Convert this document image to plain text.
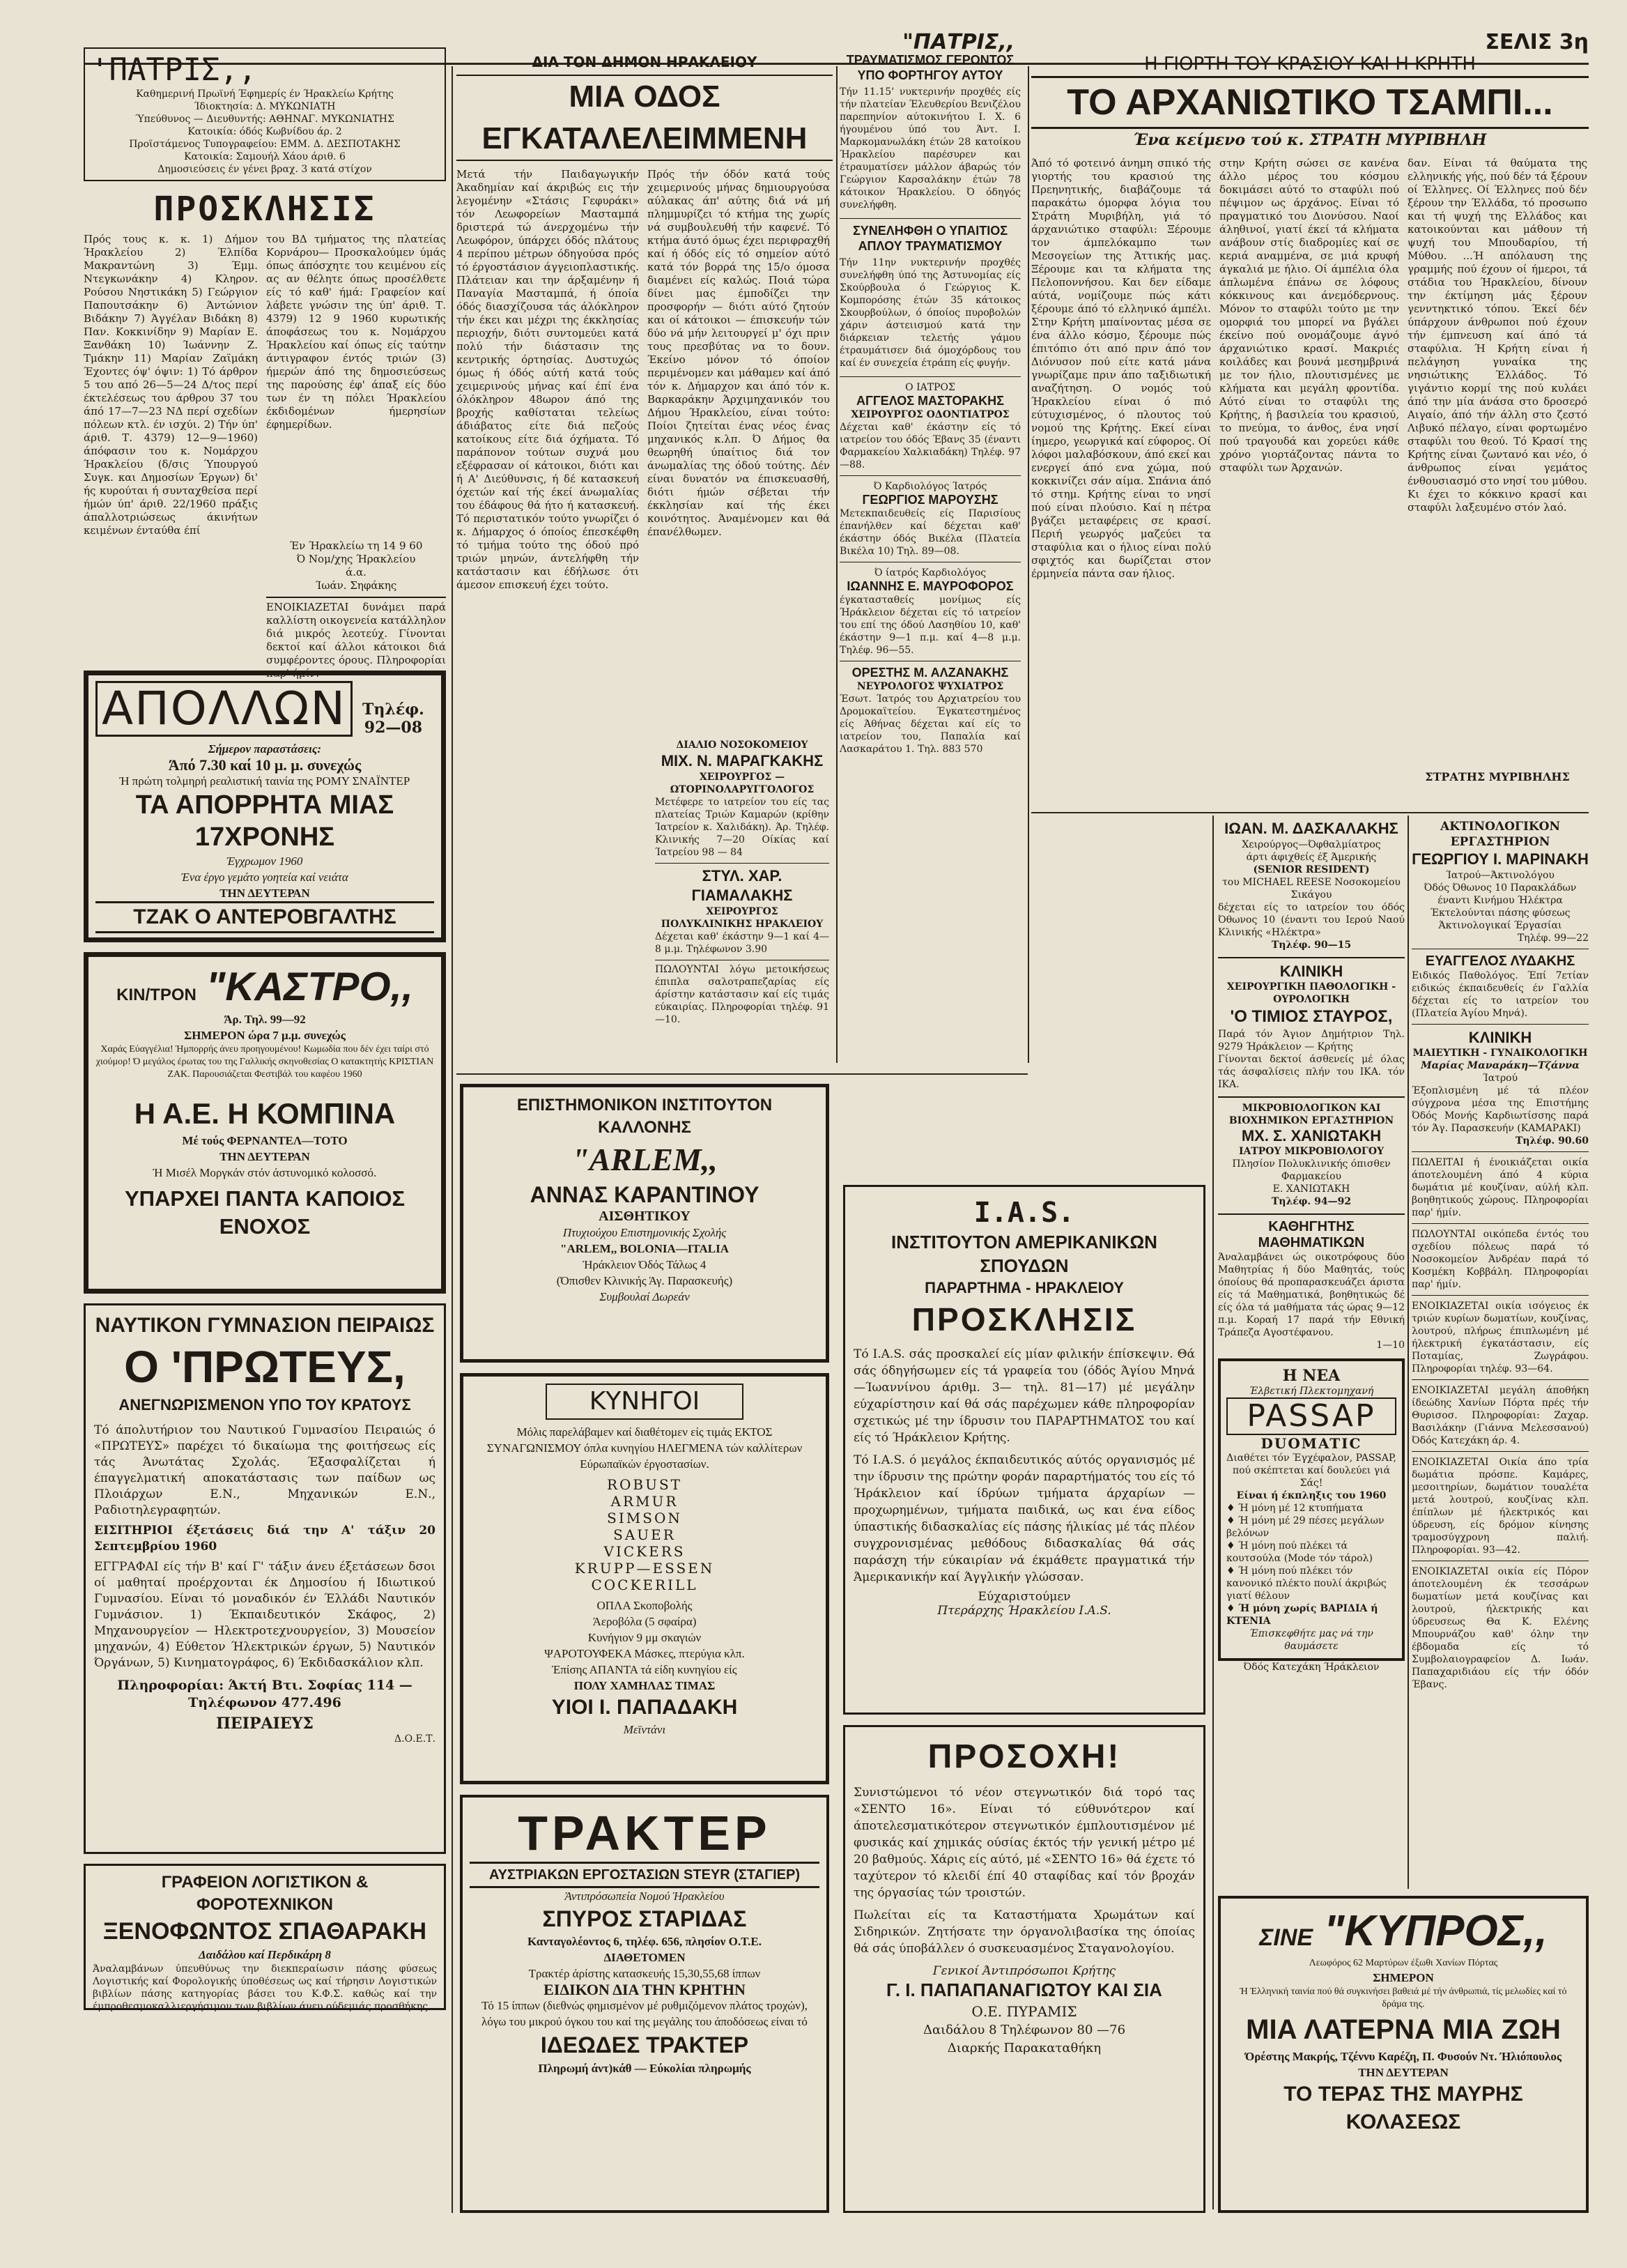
"ΠΑΤΡΙΣ,,	ΣΕΛΙΣ 3η
'ΠΑΤΡΙΣ,,
Καθημερινή Πρωϊνή Έφημερίς έν Ήρακλείω Κρήτης
Ίδιοκτησία: Δ. ΜΥΚΩΝΙΑΤΗ
Ύπεύθυνος — Διευθυντής: ΑΘΗΝΑΓ. ΜΥΚΩΝΙΑΤΗΣ
Κατοικία: όδός Κωβνίδου άρ. 2
Προϊστάμενος Τυπογραφείου: ΕΜΜ. Δ. ΔΕΣΠΟΤΑΚΗΣ
Κατοικία: Σαμουήλ Χάου άριθ. 6
Δημοσιεύσεις έν γένει βραχ. 3 κατά στίχον
ΠΡΟΣΚΛΗΣΙΣ

Πρός τους κ. κ. 1) Δήμον Ήρακλείου 2) Έλπίδα Μακραντώνη 3) Έμμ. Ντεγκωνάκην 4) Κληρον. Ρούσου Νηστικάκη 5) Γεώργιον Παπουτσάκην 6) Άντώνιον Βιδάκην 7) Άγγέλαν Βιδάκη 8) Παν. Κοκκινίδην 9) Μαρίαν Ε. Ξανθάκη 10) Ίωάννην Ζ. Τμάκην 11) Μαρίαν Ζαϊμάκη Έχοντες όψ' όψιν: 1) Τό άρθρον 5 του από 26—5—24 Δ/τος περί έκτελέσεως του άρθρου 37 του άπό 17—7—23 ΝΔ περί σχεδίων πόλεων κτλ. έν ισχύι. 2) Τήν ύπ' άριθ. Τ. 4379) 12—9—1960) άπόφασιν του κ. Νομάρχου Ήρακλείου (δ/σις Ύπουργού Συγκ. και Δημοσίων Έργων) δι' ής κυρούται ή συνταχθείσα περί ήμών ύπ' άριθ. 22/1960 πράξις άπαλλοτριώσεως άκινήτων κειμένων ένταύθα έπί

του ΒΔ τμήματος της πλατείας Κορνάρου— Προσκαλούμεν ύμάς όπως άπόσχητε του κειμένου είς ας αν θέλητε όπως προσέλθετε είς τό καθ' ήμά: Γραφείον καί λάβετε γνώσιν της ύπ' άριθ. Τ. 4379) 12 9 1960 κυρωτικής άποφάσεως του κ. Νομάρχου Ήρακλείου καί όπως είς ταύτην άντιγραφον έντός τριών (3) ήμερών άπό της δημοσιεύσεως της παρούσης έφ' άπαξ είς δύο των έν τη πόλει Ήρακλείου έκδιδομένων ήμερησίων έφημερίδων.

Έν Ήρακλείω τη 14 9 60
Ό Νομ/χης Ήρακλείου
ά.α.
Ίωάν. Σηφάκης

ΕΝΟΙΚΙΑΖΕΤΑΙ δυνάμει παρά καλλίστη οικογενεία κατάλληλον διά μικρός λεοτεύχ. Γίνονται δεκτοί καί άλλοι κάτοικοι διά συμφέροντες όρους. Πληροφορίαι παρ' ήμίν.

ΑΠΟΛΛΩΝ	Τηλέφ. 92—08
Σήμερον παραστάσεις:
Άπό 7.30 καί 10 μ. μ. συνεχώς
Ή πρώτη τολμηρή ρεαλιστική ταινία της ΡΟΜΥ ΣΝΑΪΝΤΕΡ
ΤΑ ΑΠΟΡΡΗΤΑ ΜΙΑΣ 17ΧΡΟΝΗΣ
Έγχρωμον 1960
Ένα έργο γεμάτο γοητεία καί νειάτα
ΤΗΝ ΔΕΥΤΕΡΑΝ
ΤΖΑΚ Ο ΑΝΤΕΡΟΒΓΑΛΤΗΣ
ΚΙΝ/ΤΡΟΝ "ΚΑΣΤΡΟ,,
Άρ. Τηλ. 99—92
ΣΗΜΕΡΟΝ ώρα 7 μ.μ. συνεχώς

Χαράς Εύαγγέλια! Ήμπορρής άνευ προηγουμένου! Κωμωδία που δέν έχει ταίρι στό χιούμορ! Ό μεγάλος έρωτας του της Γαλλικής σκηνοθεσίας Ο κατακτητής ΚΡΙΣΤΙΑΝ ΖΑΚ. Παρουσιάζεται Φεστιβάλ του καφέου 1960

Η Α.Ε. Η ΚΟΜΠΙΝΑ
Μέ τούς ΦΕΡΝΑΝΤΕΛ—ΤΟΤΟ
ΤΗΝ ΔΕΥΤΕΡΑΝ
Ή Μισέλ Μοργκάν στόν άστυνομικό κολοσσό.
ΥΠΑΡΧΕΙ ΠΑΝΤΑ ΚΑΠΟΙΟΣ ΕΝΟΧΟΣ
ΝΑΥΤΙΚΟΝ ΓΥΜΝΑΣΙΟΝ ΠΕΙΡΑΙΩΣ
Ο 'ΠΡΩΤΕΥΣ,
ΑΝΕΓΝΩΡΙΣΜΕΝΟΝ ΥΠΟ ΤΟΥ ΚΡΑΤΟΥΣ

Τό άπολυτήριον του Ναυτικού Γυμνασίου Πειραιώς ό «ΠΡΩΤΕΥΣ» παρέχει τό δικαίωμα της φοιτήσεως είς τάς Άνωτάτας Σχολάς. Έξασφαλίζεται ή έπαγγελματική αποκατάστασις των παίδων ως Πλοιάρχων Ε.Ν., Μηχανικών Ε.Ν., Ραδιοτηλεγραφητών.

ΕΙΣΙΤΗΡΙΟΙ έξετάσεις διά την Α' τάξιν 20 Σεπτεμβρίου 1960

ΕΓΓΡΑΦΑΙ είς τήν Β' καί Γ' τάξιν άνευ έξετάσεων δσοι οί μαθηταί προέρχονται έκ Δημοσίου ή Ιδιωτικού Γυμνασίου. Είναι τό μοναδικόν έν Έλλάδι Ναυτικόν Γυμνάσιον. 1) Έκπαιδευτικόν Σκάφος, 2) Μηχανουργείον — Ηλεκτροτεχνουργείον, 3) Μουσείον μηχανών, 4) Εύθετον Ήλεκτρικών έργων, 5) Ναυτικόν Όργάνων, 5) Κινηματογράφος, 6) Έκδιδασκάλιον κλπ.

Πληροφορίαι: Άκτή Βτι. Σοφίας 114 — Τηλέφωνον 477.496

ΠΕΙΡΑΙΕΥΣ
Δ.Ο.Ε.Τ.
ΓΡΑΦΕΙΟΝ ΛΟΓΙΣΤΙΚΟΝ & ΦΟΡΟΤΕΧΝΙΚΟΝ
ΞΕΝΟΦΩΝΤΟΣ ΣΠΑΘΑΡΑΚΗ
Δαιδάλου καί Περδικάρη 8

Άναλαμβάνων ύπευθύνως την διεκπεραίωσιν πάσης φύσεως Λογιστικής καί Φορολογικής ύποθέσεως ως καί τήρησιν Λογιστικών βιβλίων πάσης κατηγορίας βάσει του Κ.Φ.Σ. καθώς καί την έμπροθεσμοκαλλιεργήσιμον των βιβλίων άνευ ούδεμιάς προσθήκης.

ΔΙΑ ΤΟΝ ΔΗΜΟΝ ΗΡΑΚΛΕΙΟΥ
ΜΙΑ ΟΔΟΣ ΕΓΚΑΤΑΛΕΛΕΙΜΜΕΝΗ

Μετά τήν Παιδαγωγικήν Άκαδημίαν καί άκριβώς εις τήν λεγομένην «Στάσις Γεφυράκι» τόν Λεωφορείων Μασταμπά δριστερά τώ άνερχομένω τήν Λεωφόρον, ύπάρχει όδός πλάτους 4 περίπου μέτρων όδηγούσα πρός τό έργοστάσιον άγγειοπλαστικής. Πλάτειαν και την άρξαμένην ή Παναγία Μασταμπά, ή όποία όδός διασχίζουσα τάς άλόκληρον τήν έκει και μέχρι της έκκλησίας περιοχήν, διότι συντομεύει κατά πολύ τήν διάστασιν της κεντρικής όρτησίας. Δυστυχώς όμως ή όδός αύτή κατά τούς χειμερινούς μήνας καί έπί ένα όλόκληρον 48ωρον άπό της βροχής καθίσταται τελείως άδιάβατος είτε διά πεζούς κατοίκους είτε διά όχήματα. Τό παράπονον τούτων συχνά μου εξέφρασαν οί κάτοικοι, διότι και ή Α' Διεύθυνσις, ή δέ κατασκευή όχετών καί τής έκεί άνωμαλίας του έδάφους θά ήτο ή κατασκευή. Τό περιστατικόν τούτο γνωρίζει ό κ. Δήμαρχος ό όποίος έπεσκέφθη τό τμήμα τούτο της όδού πρό τριών μηνών, άντελήφθη τήν κατάστασιν και έδήλωσε ότι άμεσον επισκευή έχει τούτο.

Πρός τήν όδόν κατά τούς χειμερινούς μήνας δημιουργούσα αύλακας άπ' αύτης διά νά μή πλημμυρίζει τό κτήμα της χωρίς νά συμβουλευθή τήν καφενέ. Τό κτήμα άυτό όμως έχει περιφραχθή καί ή όδός είς τό σημείον αύτό κατά τόν βορρά της 15/ο όμοσα διαμένει είς καλώς. Ποιά τώρα δίνει μας έμποδίζει την προσφορήν — διότι αύτό ζητούν και οί κάτοικοι — έπισκευήν τών δύο νά μήν λειτουργεί μ' όχι πριν τους πρεσβύτας να το δουν. Έκείνο μόνον τό όποίον περιμένομεν και μάθαμεν καί άπό τόν κ. Δήμαρχον και άπό τόν κ. Βαρκαράκην Άρχιμηχανικόν του Δήμου Ήρακλείου, είναι τούτο: Ποίοι ζητείται ένας νέος ένας μηχανικός κ.λπ. Ό Δήμος θα θεωρηθή ύπαίτιος διά τον άνωμαλίας της όδού τούτης. Δέν είναι δυνατόν να έπισκευασθή, διότι ήμών σέβεται τήν έκκλησίαν καί τής έκει κοινότητος. Άναμένομεν και θά έπανέλθωμεν.

ΤΡΑΥΜΑΤΙΣΜΟΣ ΓΕΡΟΝΤΟΣ ΥΠΟ ΦΟΡΤΗΓΟΥ ΑΥΤΟΥ

Τήν 11.15' νυκτερινήν προχθές είς τήν πλατείαν Έλευθερίου Βενιζέλου παρεπηνίον αύτοκινήτου Ι. Χ. 6 ήγουμένου ύπό του Άντ. Ι. Μαρκομανωλάκη έτών 28 κατοίκου Ήρακλείου παρέσυρεν και έτραυματίσεν μάλλον άβαρώς τόν Γεώργιον Καρσαλάκην έτών 78 κάτοικον Ήρακλείου. Ό όδηγός συνελήφθη.

ΣΥΝΕΛΗΦΘΗ Ο ΥΠΑΙΤΙΟΣ ΑΠΛΟΥ ΤΡΑΥΜΑΤΙΣΜΟΥ

Τήν 11ην νυκτερινήν προχθές συνελήφθη ύπό της Άστυνομίας είς Σκούρβουλα ό Γεώργιος Κ. Κομπορόσης έτών 35 κάτοικος Σκουρβούλων, ό όποίος πυροβολών χάριν άστειισμού κατά την διάρκειαν τελετής γάμου έτραυμάτισεν διά όμοχόρδους του καί έν συνεχεία έτράπη είς φυγήν.

Ο ΙΑΤΡΟΣ
ΑΓΓΕΛΟΣ ΜΑΣΤΟΡΑΚΗΣ
ΧΕΙΡΟΥΡΓΟΣ ΟΔΟΝΤΙΑΤΡΟΣ

Δέχεται καθ' έκάστην είς τό ιατρείον του όδός Έβανς 35 (έναντι Φαρμακείου Χαλκιαδάκη) Τηλέφ. 97—88.

Ό Καρδιολόγος Ίατρός
ΓΕΩΡΓΙΟΣ ΜΑΡΟΥΣΗΣ

Μετεκπαιδευθείς είς Παρισίους έπανήλθεν καί δέχεται καθ' έκάστην όδός Βικέλα (Πλατεία Βικέλα 10) Τηλ. 89—08.

Ό ίατρός Καρδιολόγος
ΙΩΑΝΝΗΣ Ε. ΜΑΥΡΟΦΟΡΟΣ

έγκατασταθείς μονίμως είς Ήράκλειον δέχεται είς τό ιατρείον του επί της όδού Λασηθίου 10, καθ' έκάστην 9—1 π.μ. καί 4—8 μ.μ. Τηλέφ. 96—55.

ΟΡΕΣΤΗΣ Μ. ΑΛΖΑΝΑΚΗΣ
ΝΕΥΡΟΛΟΓΟΣ ΨΥΧΙΑΤΡΟΣ

Έσωτ. Ίατρός του Αρχιατρείου του Δρομοκαϊτείου. Έγκατεστημένος είς Άθήνας δέχεται καί είς το ιατρείον του, Παπαλία καί Λασκαράτου 1. Τηλ. 883 570

ΔΙΑΛΙΟ ΝΟΣΟΚΟΜΕΙΟΥ
ΜΙΧ. Ν. ΜΑΡΑΓΚΑΚΗΣ
ΧΕΙΡΟΥΡΓΟΣ — ΩΤΟΡΙΝΟΛΑΡΥΓΓΟΛΟΓΟΣ

Μετέφερε το ιατρείον του είς τας πλατείας Τριών Καμαρών (κρίθην Ίατρείον κ. Χαλιδάκη). Άρ. Τηλέφ. Κλινικής 7—20 Οίκίας καί Ίατρείου 98 — 84

ΣΤΥΛ. ΧΑΡ. ΓΙΑΜΑΛΑΚΗΣ
ΧΕΙΡΟΥΡΓΟΣ
ΠΟΛΥΚΛΙΝΙΚΗΣ ΗΡΑΚΛΕΙΟΥ

Δέχεται καθ' έκάστην 9—1 καί 4—8 μ.μ. Τηλέφωνον 3.90

ΠΩΛΟΥΝΤΑΙ λόγω μετοικήσεως έπιπλα σαλοτραπεζαρίας είς άρίστην κατάστασιν καί είς τιμάς εύκαιρίας. Πληροφορίαι τηλέφ. 91—10.

ΕΠΙΣΤΗΜΟΝΙΚΟΝ ΙΝΣΤΙΤΟΥΤΟΝ ΚΑΛΛΟΝΗΣ
"ARLEM,,
ΑΝΝΑΣ ΚΑΡΑΝΤΙΝΟΥ
ΑΙΣΘΗΤΙΚΟΥ
Πτυχιούχου Επιστημονικής Σχολής
"ARLEM,, BOLONIA—ITALIA
Ήράκλειον Όδός Τάλως 4
(Όπισθεν Κλινικής Άγ. Παρασκευής)
Συμβουλαί Δωρεάν
ΚΥΝΗΓΟΙ

Μόλις παρελάβαμεν καί διαθέτομεν είς τιμάς ΕΚΤΟΣ ΣΥΝΑΓΩΝΙΣΜΟΥ όπλα κυνηγίου ΗΛΕΓΜΕΝΑ τών καλλίτερων Εύρωπαϊκών έργοστασίων.

ROBUST
ARMUR
SIMSON
SAUER
VICKERS
KRUPP—ESSEN
COCKERILL
ΟΠΛΑ Σκοποβολής
Άεροβόλα (5 σφαίρα)
Κυνήγιον 9 μμ σκαγιών
ΨΑΡΟΤΟΥΦΕΚΑ Μάσκες, πτερύγια κλπ.
Έπίσης ΑΠΑΝΤΑ τά είδη κυνηγίου είς
ΠΟΛΥ ΧΑΜΗΛΑΣ ΤΙΜΑΣ
ΥΙΟΙ Ι. ΠΑΠΑΔΑΚΗ
Μεϊντάνι
ΤΡΑΚΤΕΡ
ΑΥΣΤΡΙΑΚΩΝ ΕΡΓΟΣΤΑΣΙΩΝ STEYR (ΣΤΑΓΙΕΡ)
Άντιπρόσωπεία Νομού Ήρακλείου
ΣΠΥΡΟΣ ΣΤΑΡΙΔΑΣ
Κανταγολέοντος 6, τηλέφ. 656, πλησίον Ο.Τ.Ε.
ΔΙΑΘΕΤΟΜΕΝ
Τρακτέρ άρίστης κατασκευής 15,30,55,68 ίππων
ΕΙΔΙΚΟΝ ΔΙΑ ΤΗΝ ΚΡΗΤΗΝ

Τό 15 ίππων (διεθνώς φημισμένον μέ ρυθμιζόμενον πλάτος τροχών), λόγω του μικρού όγκου του καί της μεγάλης του άποδόσεως είναι τό

ΙΔΕΩΔΕΣ ΤΡΑΚΤΕΡ
Πληρωμή άντ)κάθ — Εύκολίαι πληρωμής
Η ΓΙΟΡΤΗ ΤΟΥ ΚΡΑΣΙΟΥ ΚΑΙ Η ΚΡΗΤΗ
ΤΟ ΑΡΧΑΝΙΩΤΙΚΟ ΤΣΑΜΠΙ...
Ένα κείμενο τού κ. ΣΤΡΑΤΗ ΜΥΡΙΒΗΛΗ

Άπό τό φοτεινό άνημη σπικό τής γιορτής του κρασιού της Πρεηνητικής, διαβάζουμε τά παρακάτω όμορφα λόγια του Στράτη Μυριβήλη, γιά τό άρχανιώτικο σταφύλι: Ξέρουμε τον άμπελόκαμπο των Μεσογείων της Άττικής μας. Ξέρουμε και τα κλήματα της Πελοποννήσου. Και δεν είδαμε αύτά, νομίζουμε πώς κάτι ξέρουμε άπό τό ελληνικό άμπέλι. Στην Κρήτη μπαίνοντας μέσα σε ένα άλλο κόσμο, ξέρουμε πώς έπιτόπιο ότι από πριν άπό τον Διόνυσον πού είτε κατά μάνα γνωρίζαμε πριν άπο ταξιδιωτική αναζήτηση. Ο νομός τού Ήρακλείου είναι ό πιό εύτυχισμένος, ό πλουτος τού νομού της Κρήτης. Εκεί είναι ίημερο, γεωργικά καί εύφορος. Οί λόφοι μαλαβόσκουν, άπό εκεί και ενεργεί άπό ενα χώμα, πού κοκκινίζει σάν αίμα. Σπάνια άπό τό στημ. Κρήτης είναι το νησί πού είναι πλούσιο. Καί η πέτρα βγάζει μεταφέρεις σε κρασί. Περιή γεωργός μαζεύει τα σταφύλια και ο ήλιος είναι πολύ σφιχτός και δωρίζεται στον έρμηνεία πάντα σαν ήλιος.

στην Κρήτη σώσει σε κανένα άλλο μέρος του κόσμου δοκιμάσει αύτό το σταφύλι πού πέψιμον ως άρχάνος. Είναι τό πραγματικό του Διονύσου. Ναοί άληθινοί, γιατί έκεί τά κλήματα ανάβουν στίς διαδρομίες καί σε κεριά αναμμένα, σε μιά κρυφή άγκαλιά με ήλιο. Οί άμπέλια όλα άπλωμένα έπάνω σε λόφους κόκκινους και άνεμόδερνους. Μόνον το σταφύλι τούτο με την ομορφιά του μπορεί να βγάλει έκείνο πού ονομάζουμε άγνό άρχανιώτικο κρασί. Μακριές κοιλάδες και βουνά μεσημβρινά με τον ήλιο, πλουτισμένες με κλήματα και μεγάλη φροντίδα. Αύτό είναι το σταφύλι της Κρήτης, ή βασιλεία του κρασιού, το πνεύμα, το άνθος, ένα νησί πού τραγουδά και χορεύει κάθε χρόνο γιορτάζοντας πάντα το σταφύλι των Άρχανών.

δαν. Είναι τά θαύματα της ελληνικής γής, πού δέν τά ξέρουν οί Έλληνες. Οί Έλληνες πού δέν ξέρουν την Έλλάδα, τό προσωπο και τή ψυχή της Ελλάδος και κατοικούνται και μάθουν τή ψυχή του Μπουδαρίου, τή Μύθου. ...Ή απόλαυση της γραμμής πού έχουν οί ήμεροι, τά στάδια του Ήρακλείου, δίνουν την έκτίμηση μάς ξέρουν γενντηκτικό τόπου. Έκεί δέν ύπάρχουν άνθρωποι πού έχουν τήν έμπνευση καί άπό τά σταφύλια. Ή Κρήτη είναι ή πελάγηση γυναίκα της νησιώτικης Έλλάδος. Τό γιγάντιο κορμί της πού κυλάει άπό την μία άνάσα στο δροσερό Αιγαίο, άπό τήν άλλη στο ζεστό Λιβυκό πέλαγο, είναι φορτωμένο σταφύλι του θεού. Τό Κρασί της Κρήτης είναι ζωντανό και νέο, ό άνθρωπος είναι γεμάτος ένθουσιασμό στο νησί του μύθου. Κι έχει το κόκκινο κρασί και σταφύλι λαξευμένο στόν λαό.

ΣΤΡΑΤΗΣ ΜΥΡΙΒΗΛΗΣ
Ι.Α.S.
ΙΝΣΤΙΤΟΥΤΟΝ ΑΜΕΡΙΚΑΝΙΚΩΝ ΣΠΟΥΔΩΝ
ΠΑΡΑΡΤΗΜΑ - ΗΡΑΚΛΕΙΟΥ
ΠΡΟΣΚΛΗΣΙΣ

Τό I.A.S. σάς προσκαλεί είς μίαν φιλικήν έπίσκεψιν. Θά σάς όδηγήσωμεν είς τά γραφεία του (όδός Άγίου Μηνά—Ίωαννίνου άριθμ. 3— τηλ. 81—17) μέ μεγάλην εύχαρίστησιν καί θά σάς παρέχωμεν κάθε πληροφορίαν σχετικώς μέ την ίδρυσιν του ΠΑΡΑΡΤΗΜΑΤΟΣ του καί είς τό Ήράκλειον Κρήτης.

Τό I.A.S. ό μεγάλος έκπαιδευτικός αύτός οργανισμός μέ την ίδρυσιν της πρώτην φοράν παραρτήματός του είς τό Ήράκλειον καί ίδρύων τμήματα άρχαρίων — προχωρημένων, τμήματα παιδικά, ως και ένα είδος ύπαστικής διδασκαλίας είς πάσης ήλικίας μέ τάς πλέον συγχρονισμένας μεθόδους διδασκαλίας θά σάς παράσχη τήν εύκαιρίαν νά έκμάθετε πραγματικά τήν Άμερικανικήν καί Άγγλικήν γλώσσαν.

Εύχαριστούμεν
Πτεράρχης Ήρακλείου I.A.S.
ΠΡΟΣΟΧΗ!

Συνιστώμενοι τό νέον στεγνωτικόν διά τορό τας «ΣΕΝΤΟ 16». Είναι τό εύθυνότερον καί άποτελεσματικότερον στεγνωτικόν έμπλουτισμένον μέ φυσικάς καί χημικάς ούσίας έκτός τήν γενική μέτρο μέ 20 βαθμούς. Χάρις είς αύτό, μέ «ΣΕΝΤΟ 16» θά έχετε τό ταχύτερον τό κλειδί έπί 40 σταφίδας καί τόν βροχάν της όργασίας τών τροιστών.

Πωλείται είς τα Καταστήματα Χρωμάτων καί Σιδηρικών. Ζητήσατε την όργανολιβασίκα της όποίας θά σάς ύποβάλλεν ό συσκευασμένος Σταγανολογίου.

Γενικοί Άντιπρόσωποι Κρήτης
Γ. Ι. ΠΑΠΑΠΑΝΑΓΙΩΤΟΥ ΚΑΙ ΣΙΑ
Ο.Ε. ΠΥΡΑΜΙΣ
Δαιδάλου 8 Τηλέφωνον 80 —76
Διαρκής Παρακαταθήκη
ΙΩΑΝ. Μ. ΔΑΣΚΑΛΑΚΗΣ
Χειρούργος—Όφθαλμίατρος
άρτι άφιχθείς έξ Άμερικής
(SENIOR RESIDENT)
του MICHAEL REESE Νοσοκομείου Σικάγου

δέχεται είς το ιατρείον του όδός Όθωνος 10 (έναντι του Ιερού Ναού Κλινικής «Ηλέκτρα»

Τηλέφ. 90—15
ΚΛΙΝΙΚΗ
ΧΕΙΡΟΥΡΓΙΚΗ ΠΑΘΟΛΟΓΙΚΗ - ΟΥΡΟΛΟΓΙΚΗ
'Ο ΤΙΜΙΟΣ ΣΤΑΥΡΟΣ,

Παρά τόν Άγιον Δημήτριον Τηλ. 9279 Ήράκλειον — Κρήτης

Γίνονται δεκτοί άσθενείς μέ όλας τάς άσφαλίσεις πλήν του ΙΚΑ. τόν ΙΚΑ.

ΜΙΚΡΟΒΙΟΛΟΓΙΚΟΝ ΚΑΙ ΒΙΟΧΗΜΙΚΟΝ ΕΡΓΑΣΤΗΡΙΟΝ
ΜΧ. Σ. ΧΑΝΙΩΤΑΚΗ
ΙΑΤΡΟΥ ΜΙΚΡΟΒΙΟΛΟΓΟΥ
Πλησίον Πολυκλινικής όπισθεν Φαρμακείου
Ε. ΧΑΝΙΩΤΑΚΗ
Τηλέφ. 94—92
ΚΑΘΗΓΗΤΗΣ ΜΑΘΗΜΑΤΙΚΩΝ

Άναλαμβάνει ώς οικοτρόφους δύο Μαθητρίας ή δύο Μαθητάς, τούς όποίους θά προπαρασκευάζει άριστα είς τά Μαθηματικά, βοηθητικώς δέ είς όλα τά μαθήματα τάς ώρας 9—12 π.μ. Κοραή 17 παρά τήν Εθνική Τράπεζα Αγοστέφανου.

1—10
Η ΝΕΑ
Έλβετική Πλεκτομηχανή
PASSAP
DUOMATIC

Διαθέτει τόν Έγχέφαλον, PASSAP, πού σκέπτεται καί δουλεύει γιά Σάς!

Είναι ή έκπληξις του 1960
♦ Ή μόνη μέ 12 κτυπήματα
♦ Ή μόνη μέ 29 πέσες μεγάλων βελόνων
♦ Ή μόνη πού πλέκει τά κουτσούλα (Mode τόν τάρολ)
♦ Ή μόνη πού πλέκει τόν κανονικό πλέκτο πουλί άκριβώς γιατί θέλουν
♦ Ή μόνη χωρίς ΒΑΡΙΔΙΑ ή ΚΤΕΝΙΑ
Έπισκεφθήτε μας νά την θαυμάσετε
Όδός Κατεχάκη Ήράκλειον
ΑΚΤΙΝΟΛΟΓΙΚΟΝ ΕΡΓΑΣΤΗΡΙΟΝ
ΓΕΩΡΓΙΟΥ Ι. ΜΑΡΙΝΑΚΗ
Ίατρού—Άκτινολόγου

Όδός Όθωνος 10 Παρακλάδων έναντι Κινήμου Ήλέκτρα

Έκτελούνται πάσης φύσεως Άκτινολογικαί Έργασίαι

Τηλέφ. 99—22
ΕΥΑΓΓΕΛΟΣ ΛΥΔΑΚΗΣ

Ειδικός Παθολόγος. Έπί 7ετίαν ειδικώς έκπαιδευθείς έν Γαλλία δέχεται είς το ιατρείον του (Πλατεία Άγίου Μηνά).

ΚΛΙΝΙΚΗ
ΜΑΙΕΥΤΙΚΗ - ΓΥΝΑΙΚΟΛΟΓΙΚΗ
Μαρίας Μαναράκη—Τζάννα
Ίατρού

Έξοπλισμένη μέ τά πλέον σύγχρονα μέσα της Επιστήμης Όδός Μονής Καρδιωτίσσης παρά τόν Άγ. Παρασκευήν (ΚΑΜΑΡΑΚΙ)

Τηλέφ. 90.60

ΠΩΛΕΙΤΑΙ ή ένοικιάζεται οικία άποτελουμένη άπό 4 κύρια δωμάτια μέ κουζίναν, αύλή κλπ. βοηθητικούς χώρους. Πληροφορίαι παρ' ήμίν.

ΠΩΛΟΥΝΤΑΙ οικόπεδα έντός του σχεδίου πόλεως παρά τό Νοσοκομείον Άνδρέαν παρά τό Κοσμέκη Κοββάλη. Πληροφορίαι παρ' ήμίν.

ΕΝΟΙΚΙΑΖΕΤΑΙ οικία ισόγειος έκ τριών κυρίων δωματίων, κουζίνας, λουτρού, πλήρως έπιπλωμένη μέ ήλεκτρική έγκατάστασιν, είς Ποταμίας, Ζωγράφου. Πληροφορίαι τηλέφ. 93—64.

ΕΝΟΙΚΙΑΖΕΤΑΙ μεγάλη άποθήκη ίδεώδης Χανίων Πόρτα πρές τήν Θυρισοσ. Πληροφορίαι: Ζαχαρ. Βασιλάκην (Γιάννα Μελεσσανού) Όδός Κατεχάκη άρ. 4.

ΕΝΟΙΚΙΑΖΕΤΑΙ Οικία άπο τρία δωμάτια πρόσπε. Καμάρες, μεσοιτηρίων, δωμάτιον τουαλέτα μετά λουτρού, κουζίνας κλπ. έπίπλων μέ ήλεκτρικός και ύδρευση, είς δρόμον κίνησης τραμοσύγχρονη παλιή. Πληροφορίαι. 93—42.

ΕΝΟΙΚΙΑΖΕΤΑΙ οικία είς Πόρον άποτελουμένη έκ τεσσάρων δωματίων μετά κουζίνας και λουτρού, ήλεκτρικής και ύδρευσεως Θα Κ. Ελένης Μπουρνάζου καθ' όλην την έβδομαδα είς τό Συμβολαιογραφείον Δ. Ιωάν. Παπαχαριδιάου είς τήν όδόν Έβανς.

ΣΙΝΕ "ΚΥΠΡΟΣ,,
Λεωφόρος 62 Μαρτύρων έξωθι Χανίων Πόρτας
ΣΗΜΕΡΟΝ

Ή Έλληνική ταινία πού θά συγκινήσει βαθειά μέ τήν άνθρωπιά, τίς μελωδίες καί τό δράμα της.

ΜΙΑ ΛΑΤΕΡΝΑ ΜΙΑ ΖΩΗ
Όρέστης Μακρής, Τζέννυ Καρέζη, Π. Φυσούν Ντ. Ήλιόπουλος
ΤΗΝ ΔΕΥΤΕΡΑΝ
ΤΟ ΤΕΡΑΣ ΤΗΣ ΜΑΥΡΗΣ ΚΟΛΑΣΕΩΣ
